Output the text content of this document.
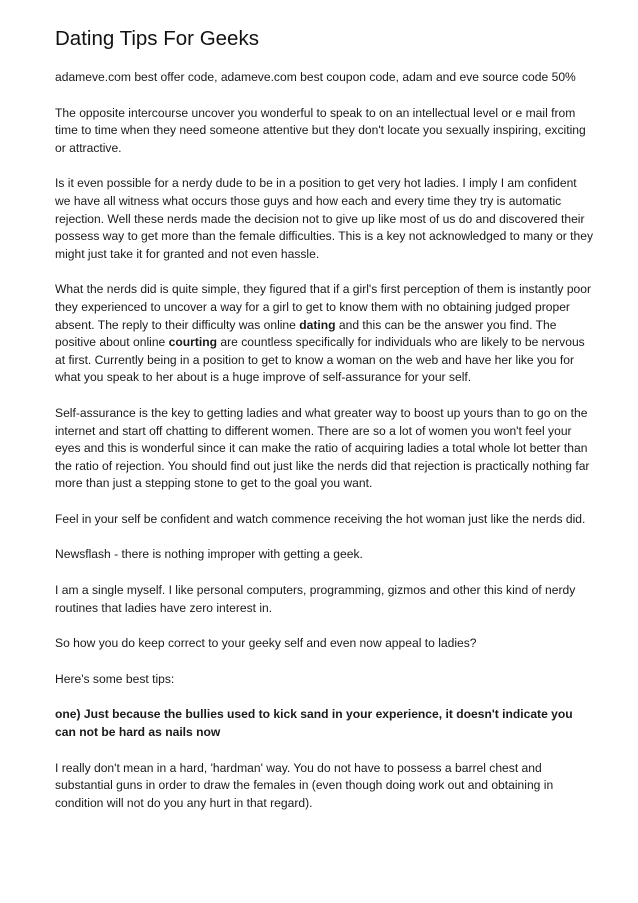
Dating Tips For Geeks

adameve.com best offer code, adameve.com best coupon code, adam and eve source code 50%

The opposite intercourse uncover you wonderful to speak to on an intellectual level or e mail from time to time when they need someone attentive but they don't locate you sexually inspiring, exciting or attractive.

Is it even possible for a nerdy dude to be in a position to get very hot ladies. I imply I am confident we have all witness what occurs those guys and how each and every time they try is automatic rejection. Well these nerds made the decision not to give up like most of us do and discovered their possess way to get more than the female difficulties. This is a key not acknowledged to many or they might just take it for granted and not even hassle.

What the nerds did is quite simple, they figured that if a girl's first perception of them is instantly poor they experienced to uncover a way for a girl to get to know them with no obtaining judged proper absent. The reply to their difficulty was online dating and this can be the answer you find. The positive about online courting are countless specifically for individuals who are likely to be nervous at first. Currently being in a position to get to know a woman on the web and have her like you for what you speak to her about is a huge improve of self-assurance for your self.

Self-assurance is the key to getting ladies and what greater way to boost up yours than to go on the internet and start off chatting to different women. There are so a lot of women you won't feel your eyes and this is wonderful since it can make the ratio of acquiring ladies a total whole lot better than the ratio of rejection. You should find out just like the nerds did that rejection is practically nothing far more than just a stepping stone to get to the goal you want.

Feel in your self be confident and watch commence receiving the hot woman just like the nerds did.

Newsflash - there is nothing improper with getting a geek.

I am a single myself. I like personal computers, programming, gizmos and other this kind of nerdy routines that ladies have zero interest in.

So how you do keep correct to your geeky self and even now appeal to ladies?

Here's some best tips:

one) Just because the bullies used to kick sand in your experience, it doesn't indicate you can not be hard as nails now

I really don't mean in a hard, 'hardman' way. You do not have to possess a barrel chest and substantial guns in order to draw the females in (even though doing work out and obtaining in condition will not do you any hurt in that regard).
